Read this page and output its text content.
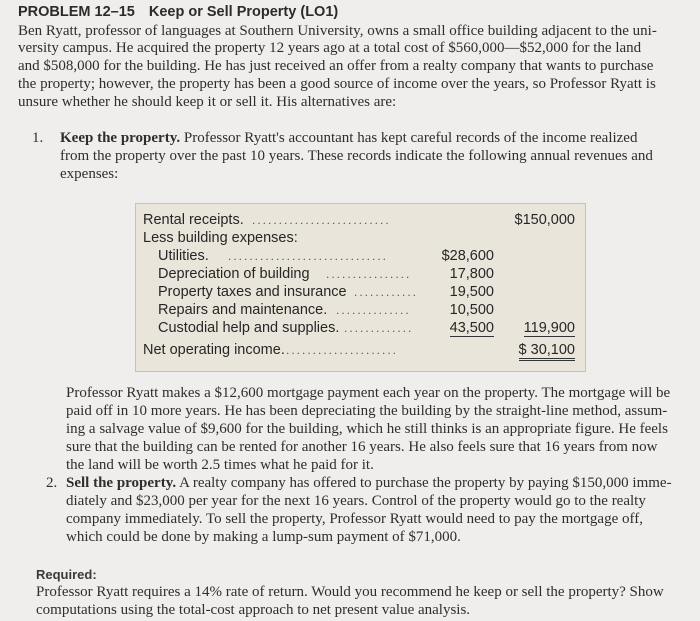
PROBLEM 12–15 Keep or Sell Property (LO1)
Ben Ryatt, professor of languages at Southern University, owns a small office building adjacent to the uni-
versity campus. He acquired the property 12 years ago at a total cost of $560,000—$52,000 for the land
and $508,000 for the building. He has just received an offer from a realty company that wants to purchase
the property; however, the property has been a good source of income over the years, so Professor Ryatt is
unsure whether he should keep it or sell it. His alternatives are:
1. Keep the property. Professor Ryatt's accountant has kept careful records of the income realized
from the property over the past 10 years. These records indicate the following annual revenues and
expenses:
Rental receipts. ..........................	$150,000
Less building expenses:
Utilities. ..............................	$28,600
Depreciation of building ................	17,800
Property taxes and insurance ............	19,500
Repairs and maintenance. ..............	10,500
Custodial help and supplies. .............	43,500 119,900
Net operating income. .....................	$ 30,100
Professor Ryatt makes a $12,600 mortgage payment each year on the property. The mortgage will be
paid off in 10 more years. He has been depreciating the building by the straight-line method, assum-
ing a salvage value of $9,600 for the building, which he still thinks is an appropriate figure. He feels
sure that the building can be rented for another 16 years. He also feels sure that 16 years from now
the land will be worth 2.5 times what he paid for it.
2. Sell the property. A realty company has offered to purchase the property by paying $150,000 imme-
diately and $23,000 per year for the next 16 years. Control of the property would go to the realty
company immediately. To sell the property, Professor Ryatt would need to pay the mortgage off,
which could be done by making a lump-sum payment of $71,000.
Required:
Professor Ryatt requires a 14% rate of return. Would you recommend he keep or sell the property? Show
computations using the total-cost approach to net present value analysis.
